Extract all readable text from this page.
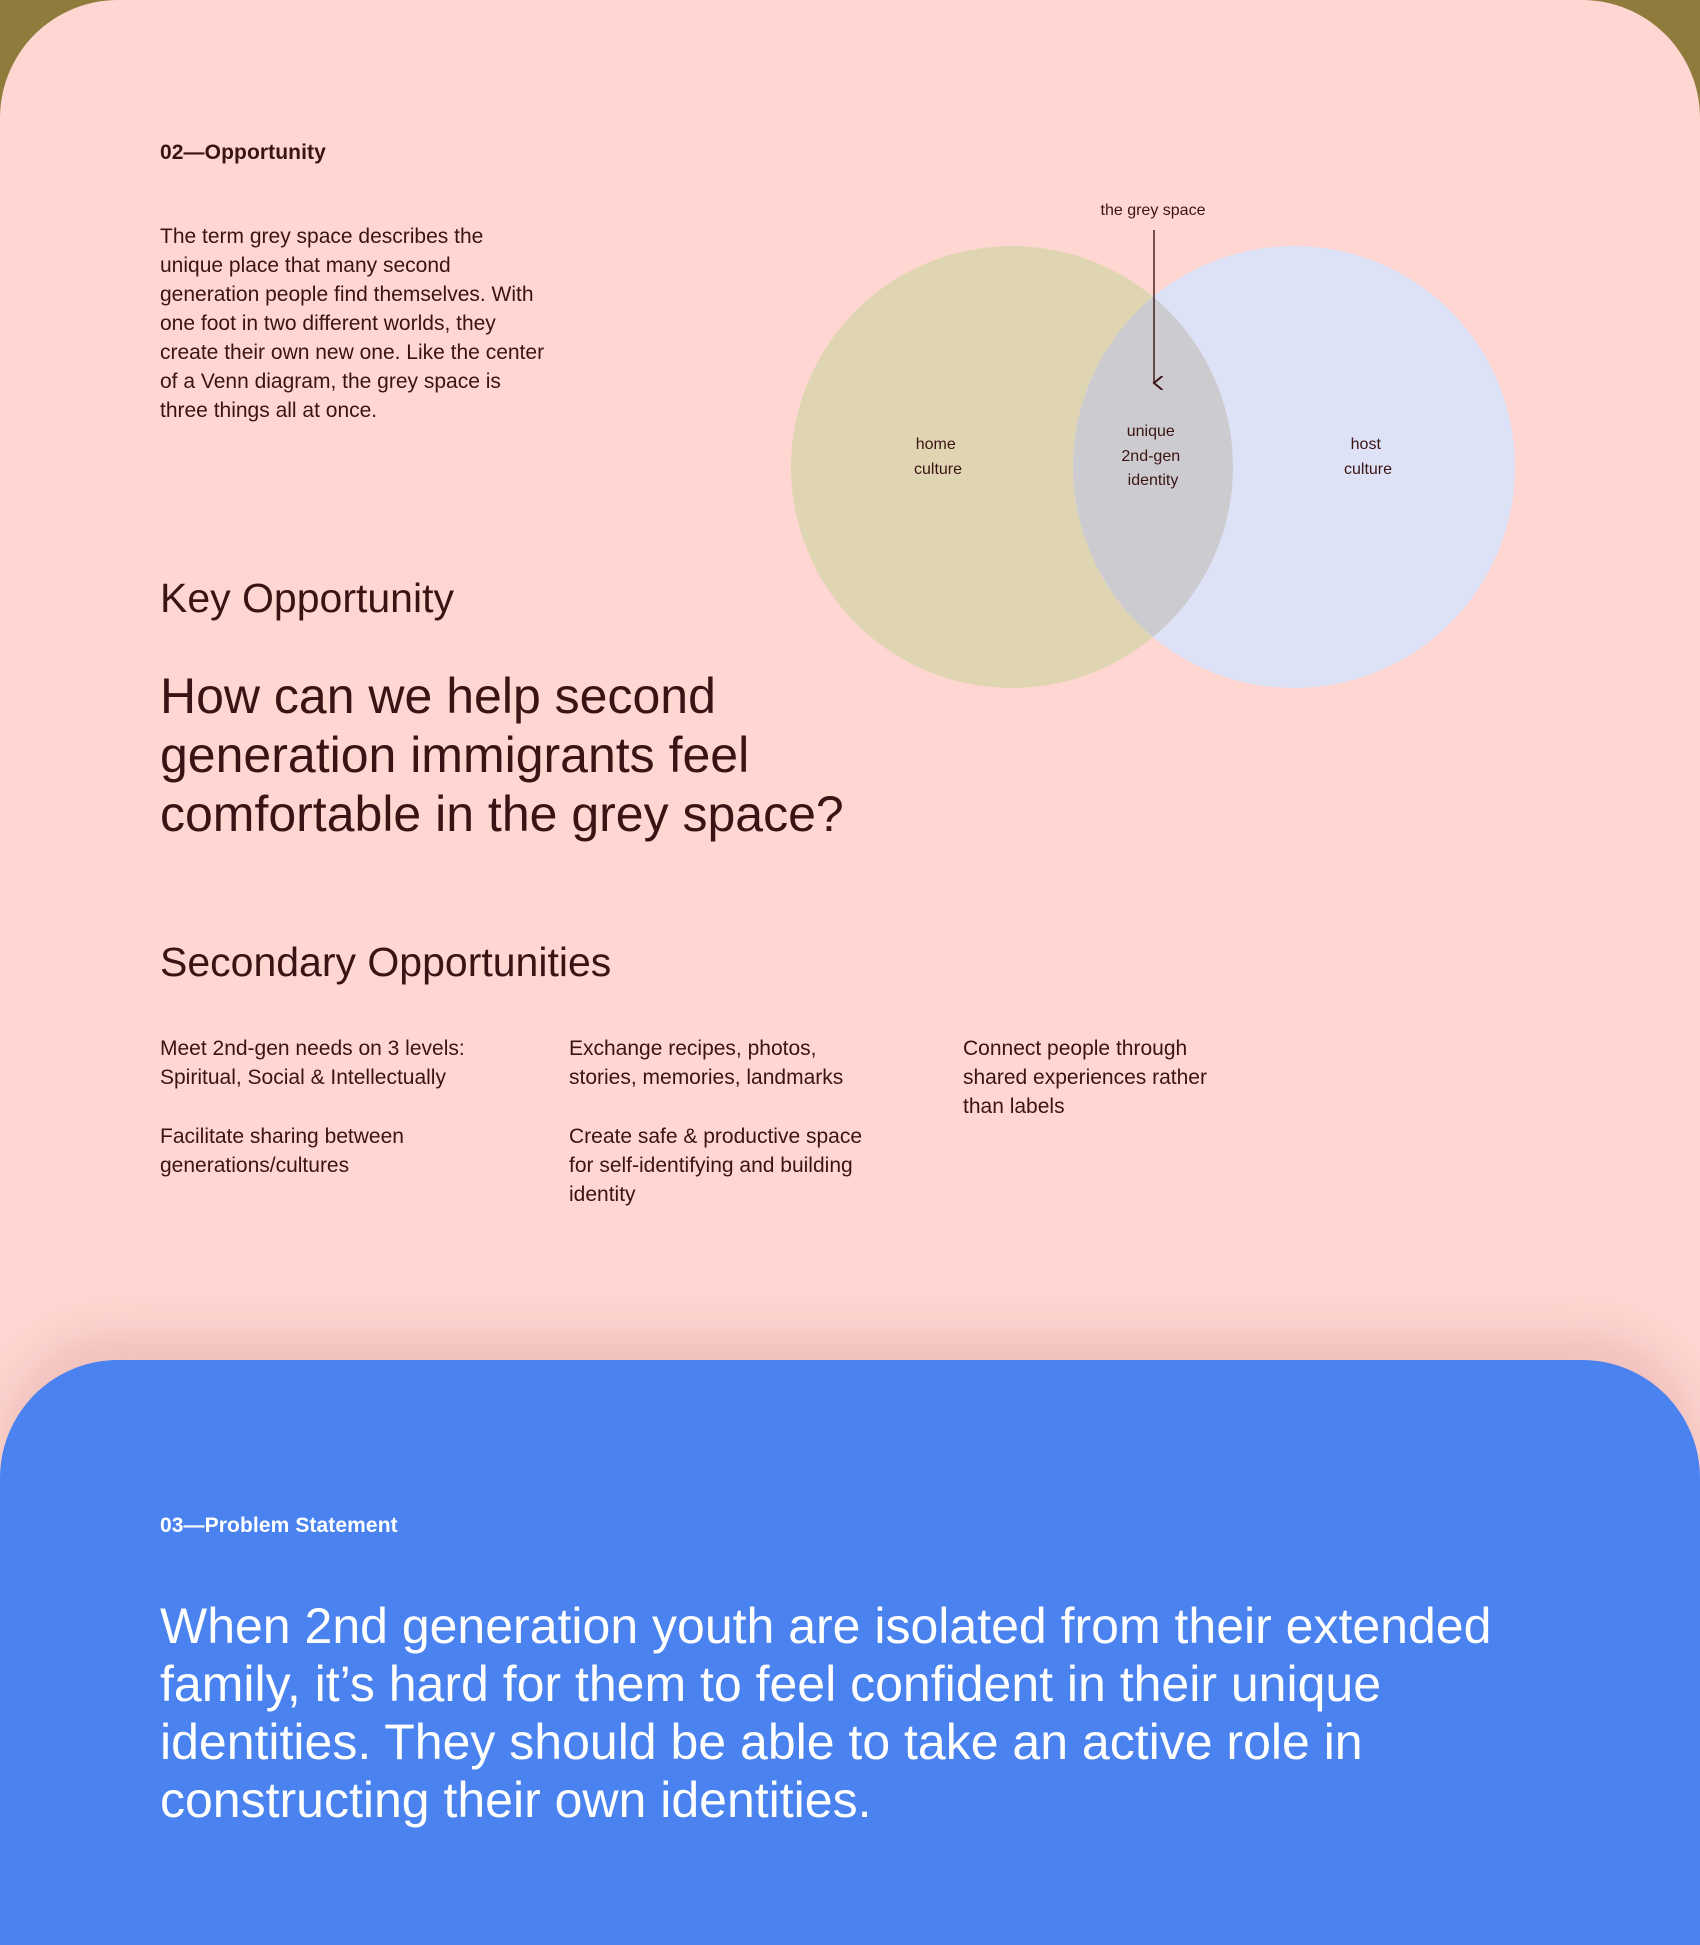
02—Opportunity

The term grey space describes the unique place that many second generation people find themselves. With one foot in two different worlds, they create their own new one. Like the center of a Venn diagram, the grey space is three things all at once.

the grey space
home culture
unique 2nd-gen identity
host culture
Key Opportunity

How can we help second generation immigrants feel comfortable in the grey space?

Secondary Opportunities

Meet 2nd-gen needs on 3 levels: Spiritual, Social & Intellectually

Facilitate sharing between generations/cultures

Exchange recipes, photos, stories, memories, landmarks

Create safe & productive space for self-identifying and building identity

Connect people through shared experiences rather than labels

03—Problem Statement

When 2nd generation youth are isolated from their extended family, it’s hard for them to feel confident in their unique identities. They should be able to take an active role in constructing their own identities.
